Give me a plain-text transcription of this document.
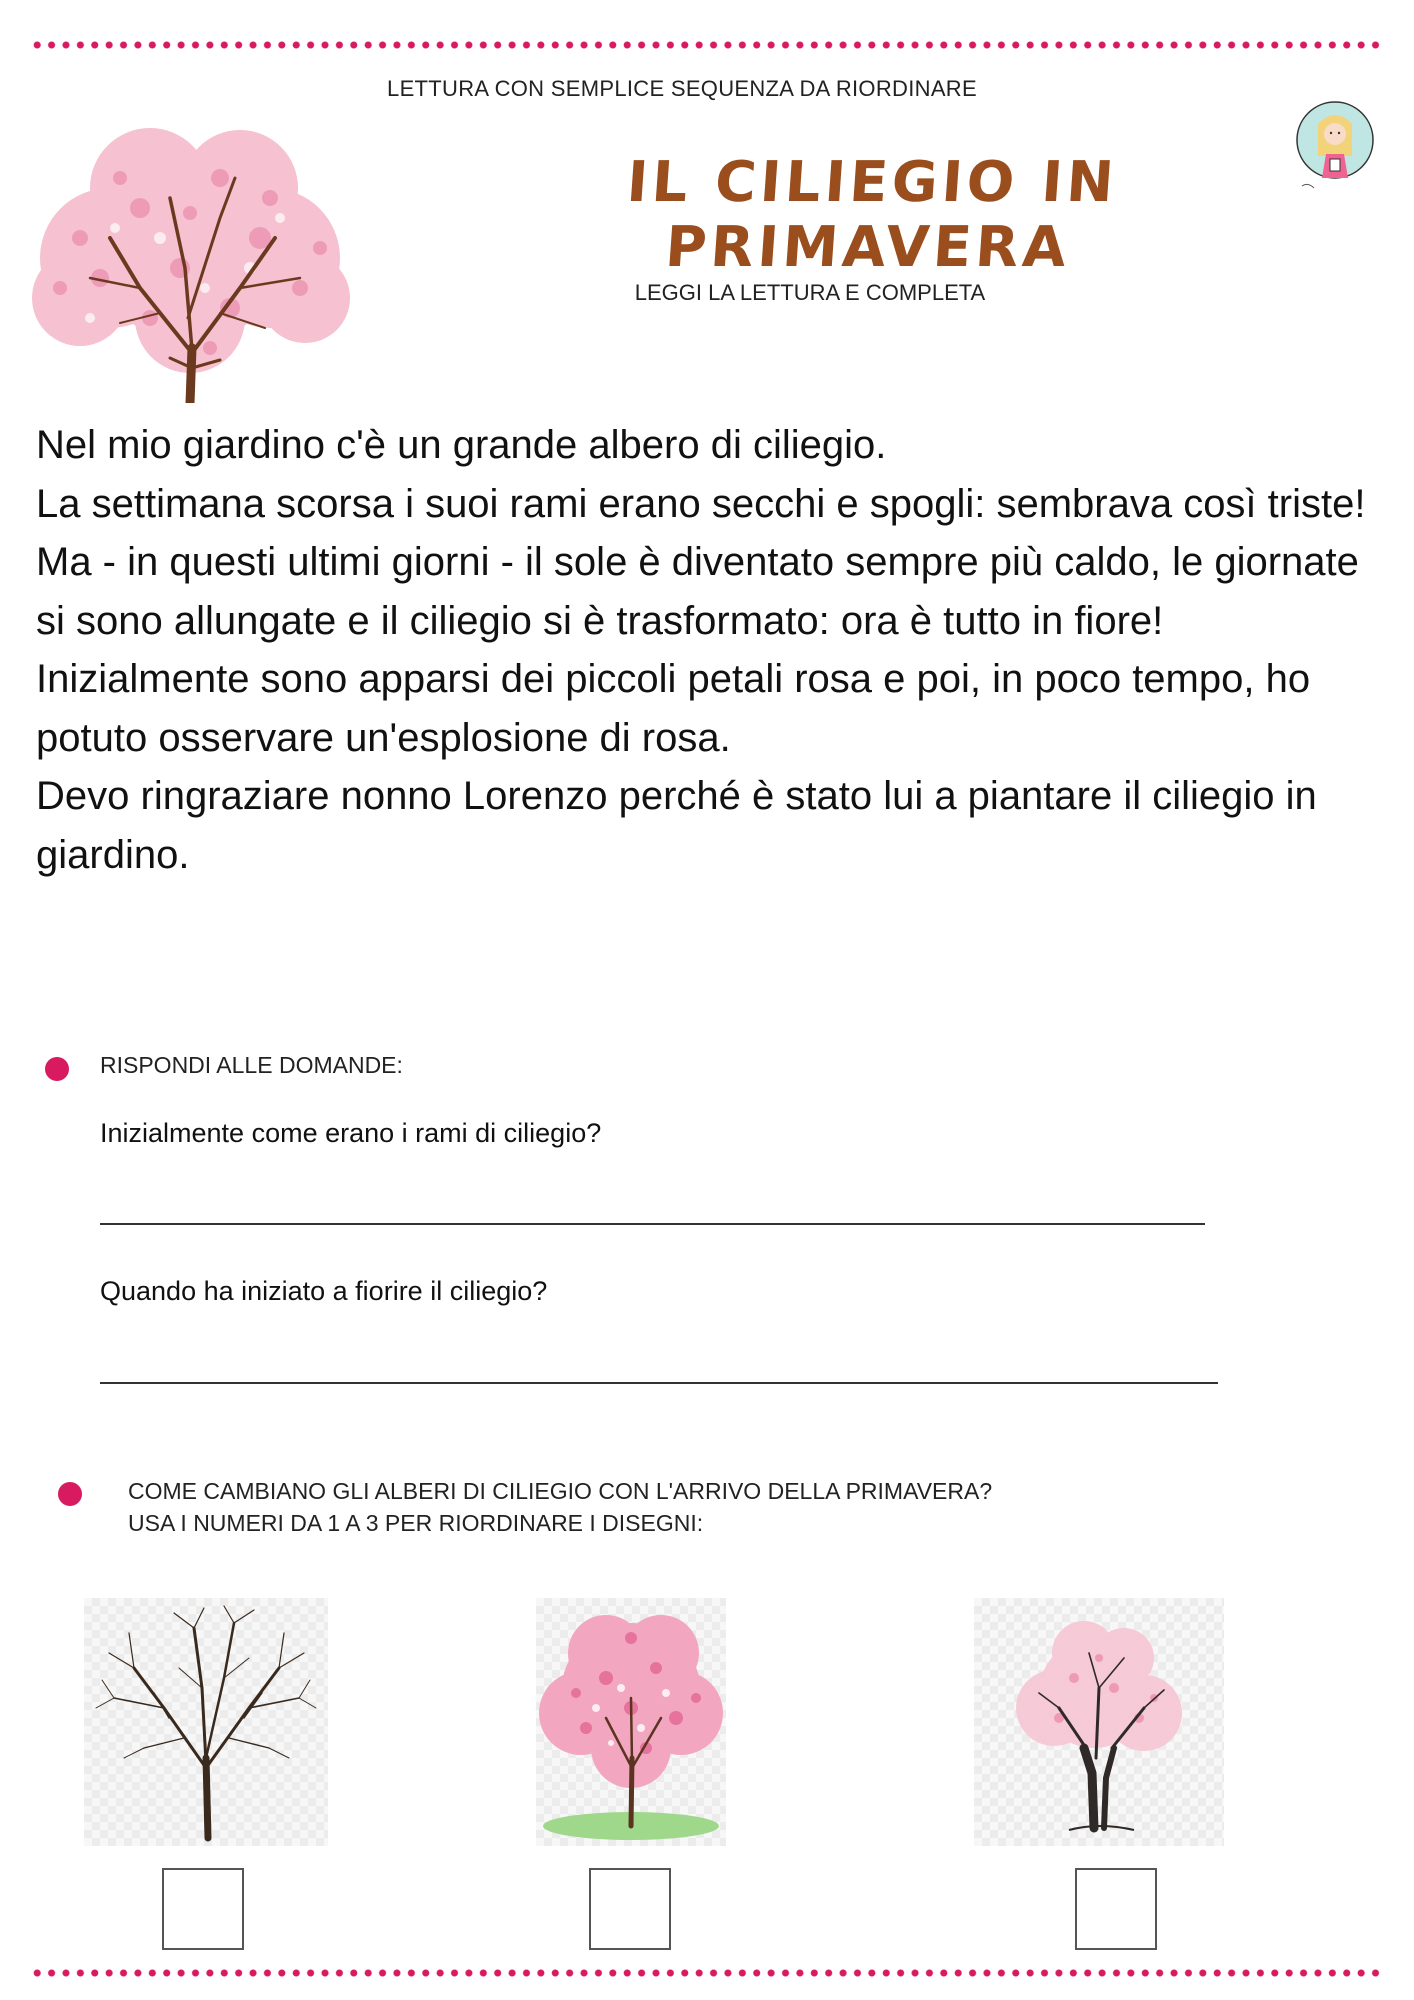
LETTURA CON SEMPLICE SEQUENZA DA RIORDINARE
IL CILIEGIO IN PRIMAVERA
LEGGI LA LETTURA E COMPLETA

Nel mio giardino c'è un grande albero di ciliegio.

La settimana scorsa i suoi rami erano secchi e spogli: sembrava così triste!

Ma - in questi ultimi giorni - il sole è diventato sempre più caldo, le giornate si sono allungate e il ciliegio si è trasformato: ora è tutto in fiore!

Inizialmente sono apparsi dei piccoli petali rosa e poi, in poco tempo, ho potuto osservare un'esplosione di rosa.

Devo ringraziare nonno Lorenzo perché è stato lui a piantare il ciliegio in giardino.

RISPONDI ALLE DOMANDE:
Inizialmente come erano i rami di ciliegio?
Quando ha iniziato a fiorire il ciliegio?
COME CAMBIANO GLI ALBERI DI CILIEGIO CON L'ARRIVO DELLA PRIMAVERA?
USA I NUMERI DA 1 A 3 PER RIORDINARE I DISEGNI:
